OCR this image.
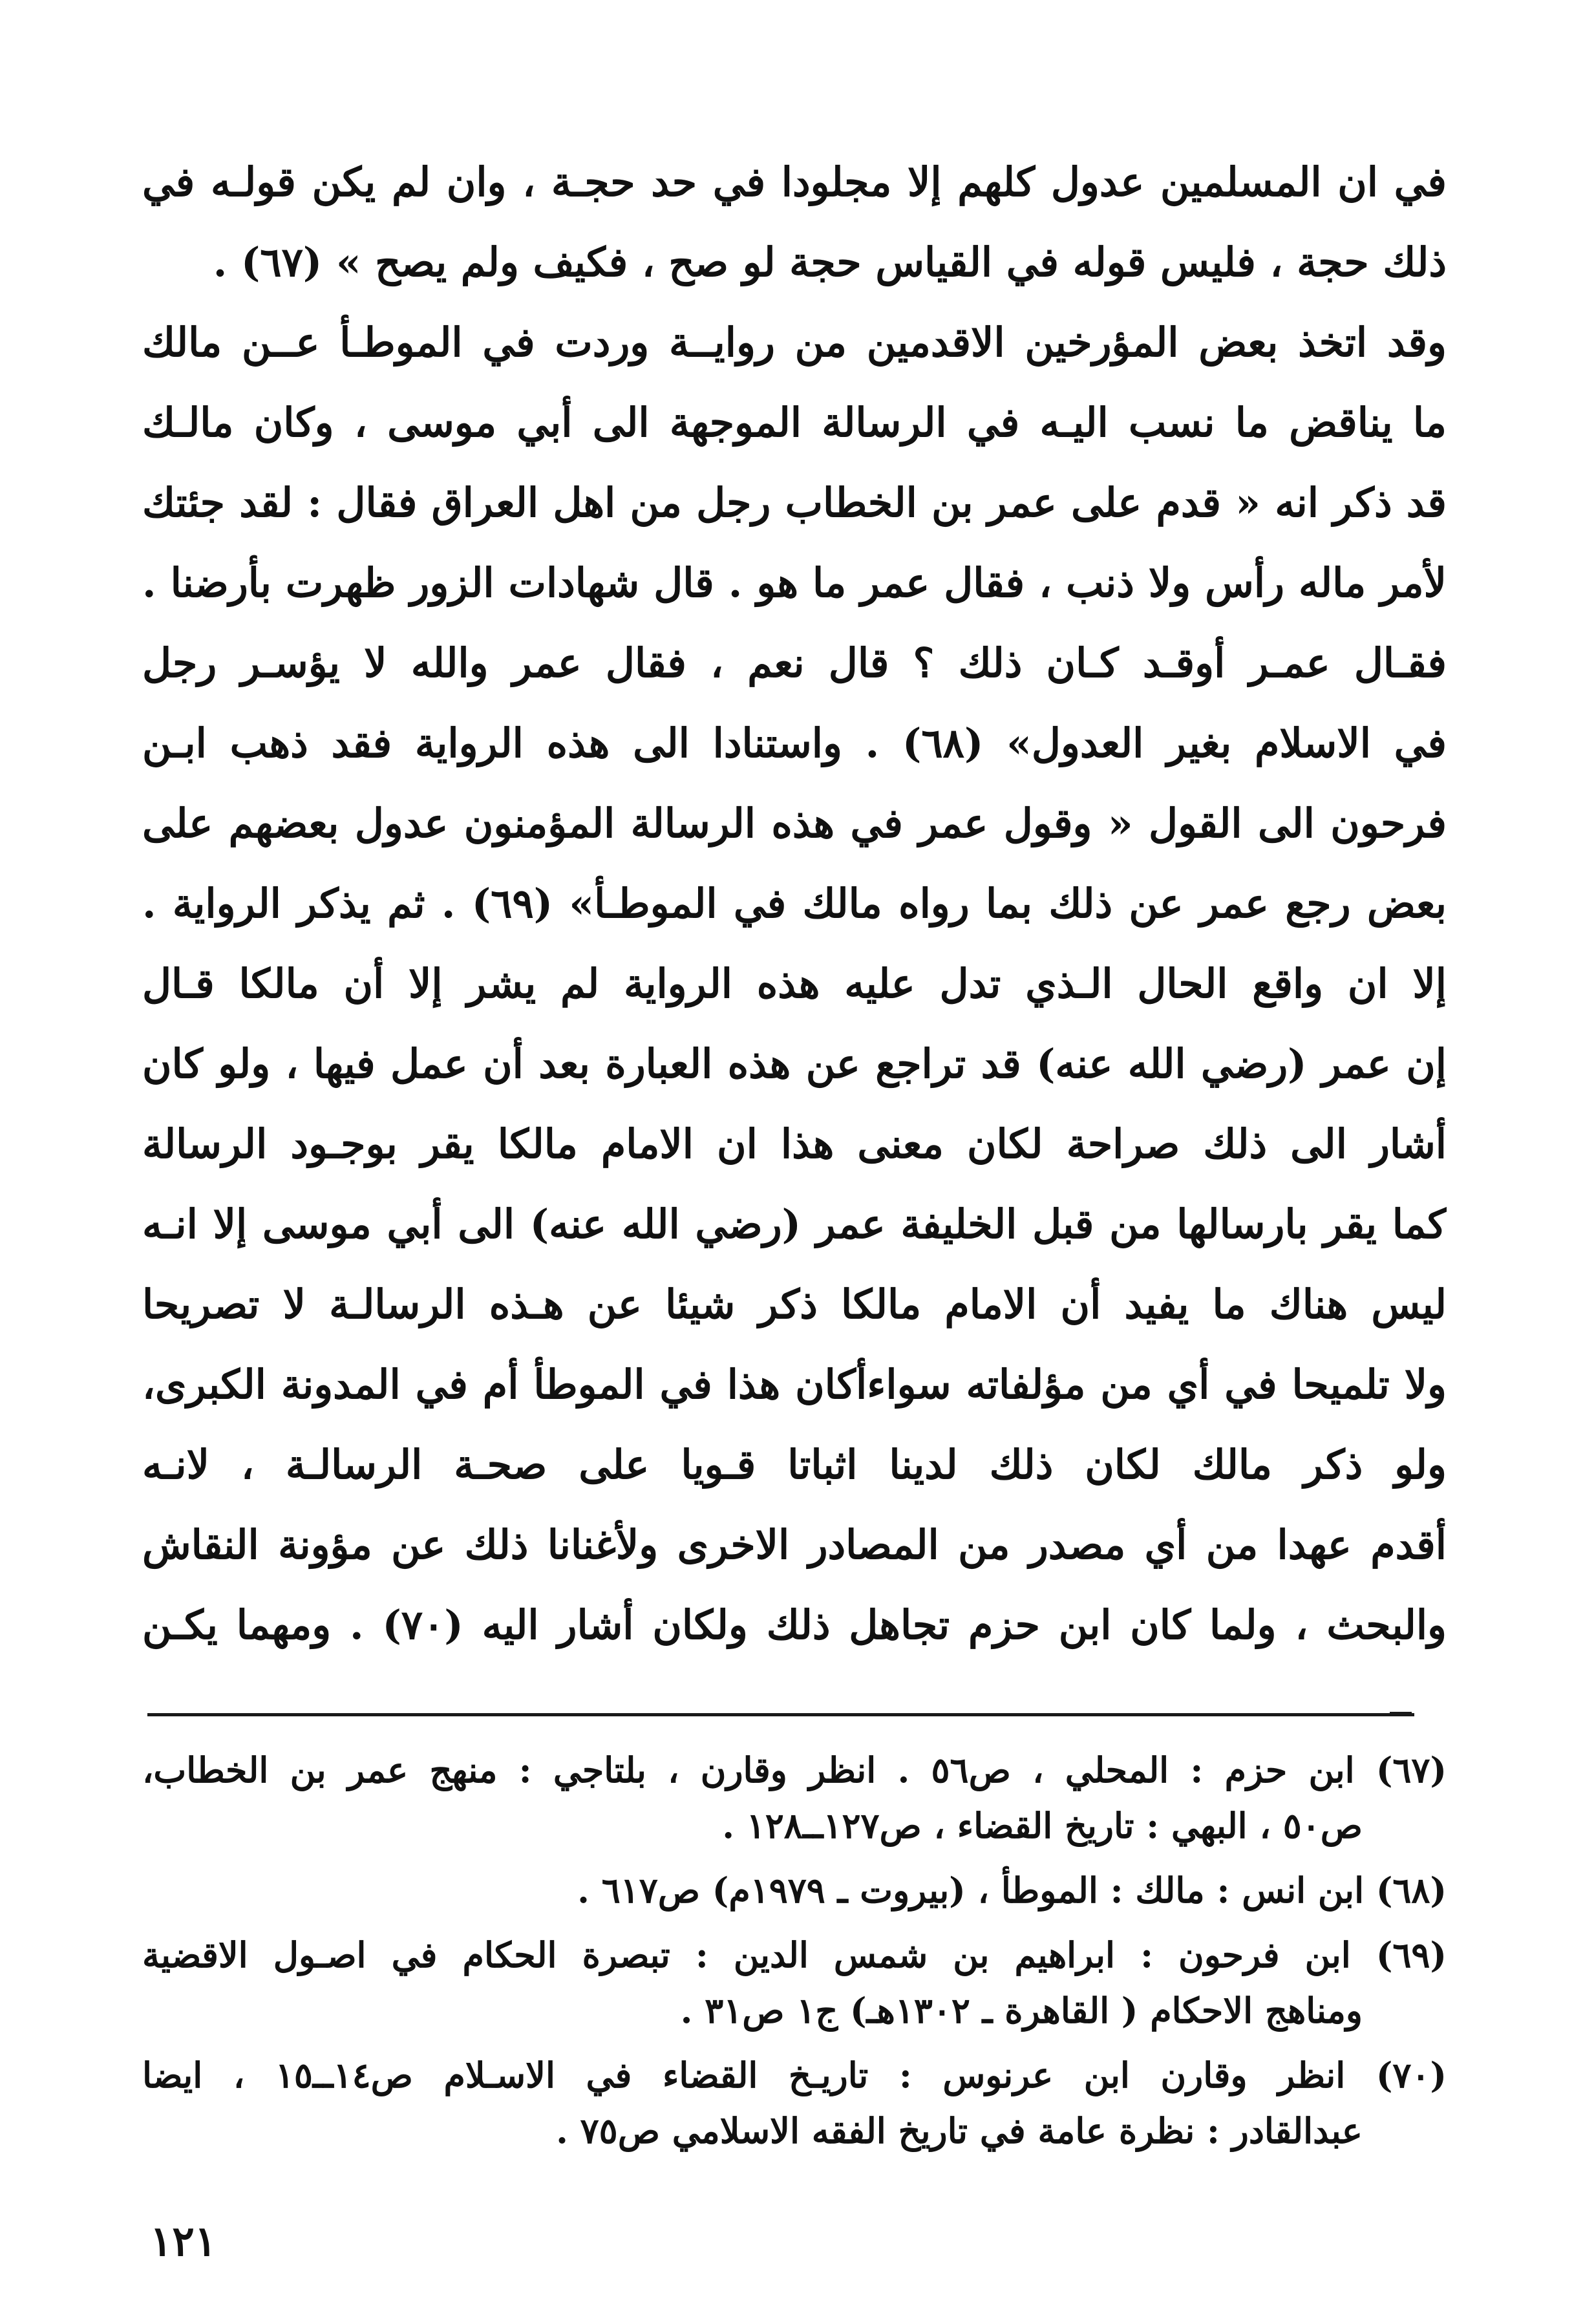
في ان المسلمين عدول كلهم إلا مجلودا في حد حجـة ، وان لم يكن قولـه في
ذلك حجة ، فليس قوله في القياس حجة لو صح ، فكيف ولم يصح » (٦٧) .
وقد اتخذ بعض المؤرخين الاقدمين من روايــة وردت في الموطـأ عــن مالك
ما يناقض ما نسب اليـه في الرسالة الموجهة الى أبي موسى ، وكان مالـك
قد ذكر انه « قدم على عمر بن الخطاب رجل من اهل العراق فقال : لقد جئتك
لأمر ماله رأس ولا ذنب ، فقال عمر ما هو . قال شهادات الزور ظهرت بأرضنا .
فقـال عمـر أوقـد كـان ذلك ؟ قال نعم ، فقال عمر والله لا يؤسـر رجل
في الاسلام بغير العدول» (٦٨) . واستنادا الى هذه الرواية فقد ذهب ابـن
فرحون الى القول « وقول عمر في هذه الرسالة المؤمنون عدول بعضهم على
بعض رجع عمر عن ذلك بما رواه مالك في الموطـأ» (٦٩) . ثم يذكر الرواية .
إلا ان واقع الحال الـذي تدل عليه هذه الرواية لم يشر إلا أن مالكا قـال
إن عمر (رضي الله عنه) قد تراجع عن هذه العبارة بعد أن عمل فيها ، ولو كان
أشار الى ذلك صراحة لكان معنى هذا ان الامام مالكا يقر بوجـود الرسالة
كما يقر بارسالها من قبل الخليفة عمر (رضي الله عنه) الى أبي موسى إلا انـه
ليس هناك ما يفيد أن الامام مالكا ذكر شيئا عن هـذه الرسالـة لا تصريحا
ولا تلميحا في أي من مؤلفاته سواءأكان هذا في الموطأ أم في المدونة الكبرى،
ولو ذكر مالك لكان ذلك لدينا اثباتا قـويا على صحـة الرسالـة ، لانـه
أقدم عهدا من أي مصدر من المصادر الاخرى ولأغنانا ذلك عن مؤونة النقاش
والبحث ، ولما كان ابن حزم تجاهل ذلك ولكان أشار اليه (٧٠) . ومهما يكـن
(٦٧) ابن حزم : المحلي ، ص٥٦ . انظر وقارن ، بلتاجي : منهج عمر بن الخطاب،
ص٥٠ ، البهي : تاريخ القضاء ، ص١٢٧ــ١٢٨ .
(٦٨) ابن انس : مالك : الموطأ ، (بيروت ـ ١٩٧٩م) ص٦١٧ .
(٦٩) ابن فرحون : ابراهيم بن شمس الدين : تبصرة الحكام في اصـول الاقضية
ومناهج الاحكام ( القاهرة ـ ١٣٠٢هـ) ج١ ص٣١ .
(٧٠) انظر وقارن ابن عرنوس : تاريـخ القضاء في الاسـلام ص١٤ــ١٥ ، ايضا
عبدالقادر : نظرة عامة في تاريخ الفقه الاسلامي ص٧٥ .
١٢١
